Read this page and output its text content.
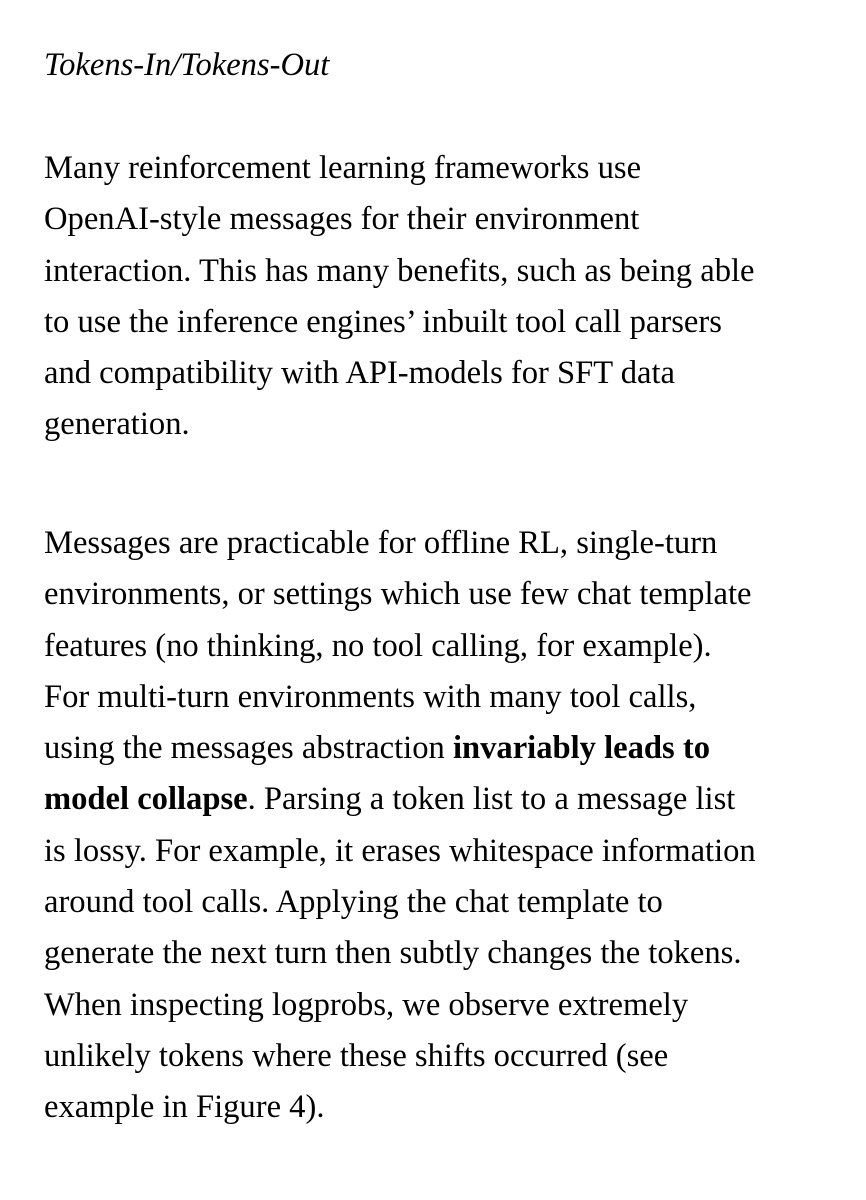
Tokens-In/Tokens-Out
Many reinforcement learning frameworks use
OpenAI-style messages for their environment
interaction. This has many benefits, such as being able
to use the inference engines’ inbuilt tool call parsers
and compatibility with API-models for SFT data
generation.
Messages are practicable for offline RL, single-turn
environments, or settings which use few chat template
features (no thinking, no tool calling, for example).
For multi-turn environments with many tool calls,
using the messages abstraction invariably leads to
model collapse. Parsing a token list to a message list
is lossy. For example, it erases whitespace information
around tool calls. Applying the chat template to
generate the next turn then subtly changes the tokens.
When inspecting logprobs, we observe extremely
unlikely tokens where these shifts occurred (see
example in Figure 4).
